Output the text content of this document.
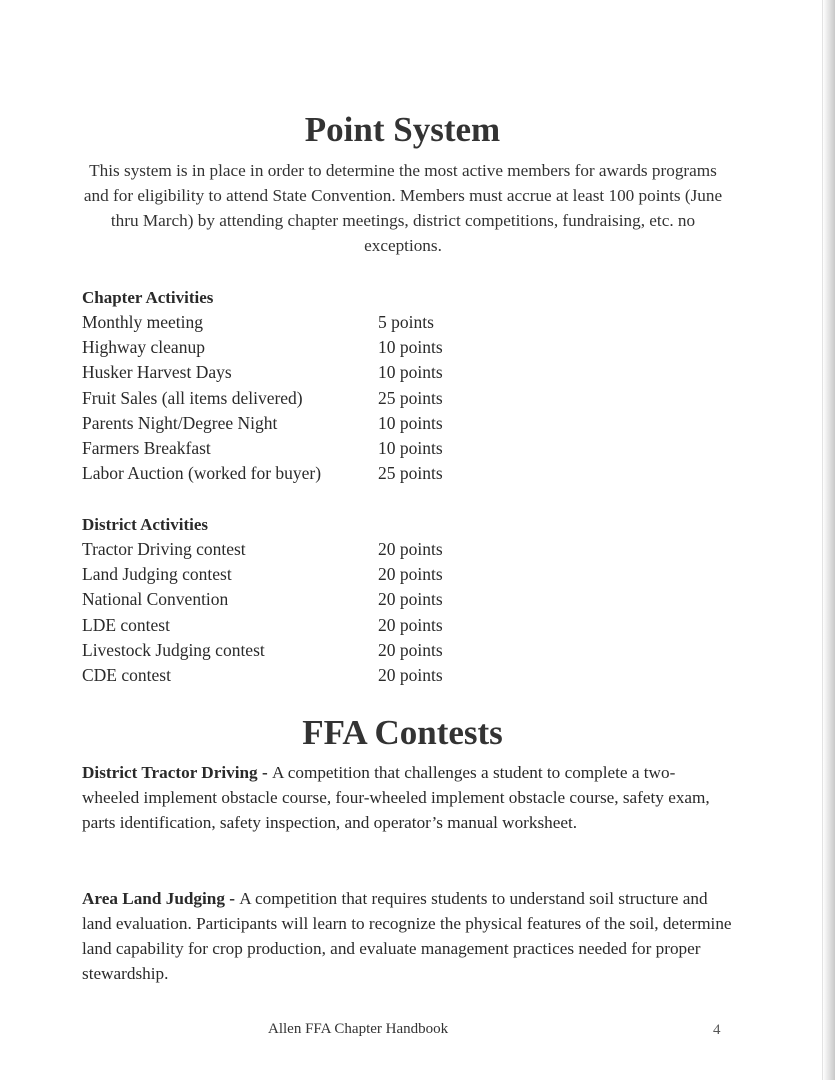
Point System
This system is in place in order to determine the most active members for awards programs and for eligibility to attend State Convention. Members must accrue at least 100 points (June thru March) by attending chapter meetings, district competitions, fundraising, etc. no exceptions.
Chapter Activities
Monthly meeting	5 points
Highway cleanup	10 points
Husker Harvest Days	10 points
Fruit Sales (all items delivered)	25 points
Parents Night/Degree Night	10 points
Farmers Breakfast	10 points
Labor Auction (worked for buyer)	25 points
District Activities
Tractor Driving contest	20 points
Land Judging contest	20 points
National Convention	20 points
LDE contest	20 points
Livestock Judging contest	20 points
CDE contest	20 points
FFA Contests
District Tractor Driving - A competition that challenges a student to complete a two-wheeled implement obstacle course, four-wheeled implement obstacle course, safety exam, parts identification, safety inspection, and operator’s manual worksheet.
Area Land Judging - A competition that requires students to understand soil structure and land evaluation. Participants will learn to recognize the physical features of the soil, determine land capability for crop production, and evaluate management practices needed for proper stewardship.
Allen FFA Chapter Handbook	4
